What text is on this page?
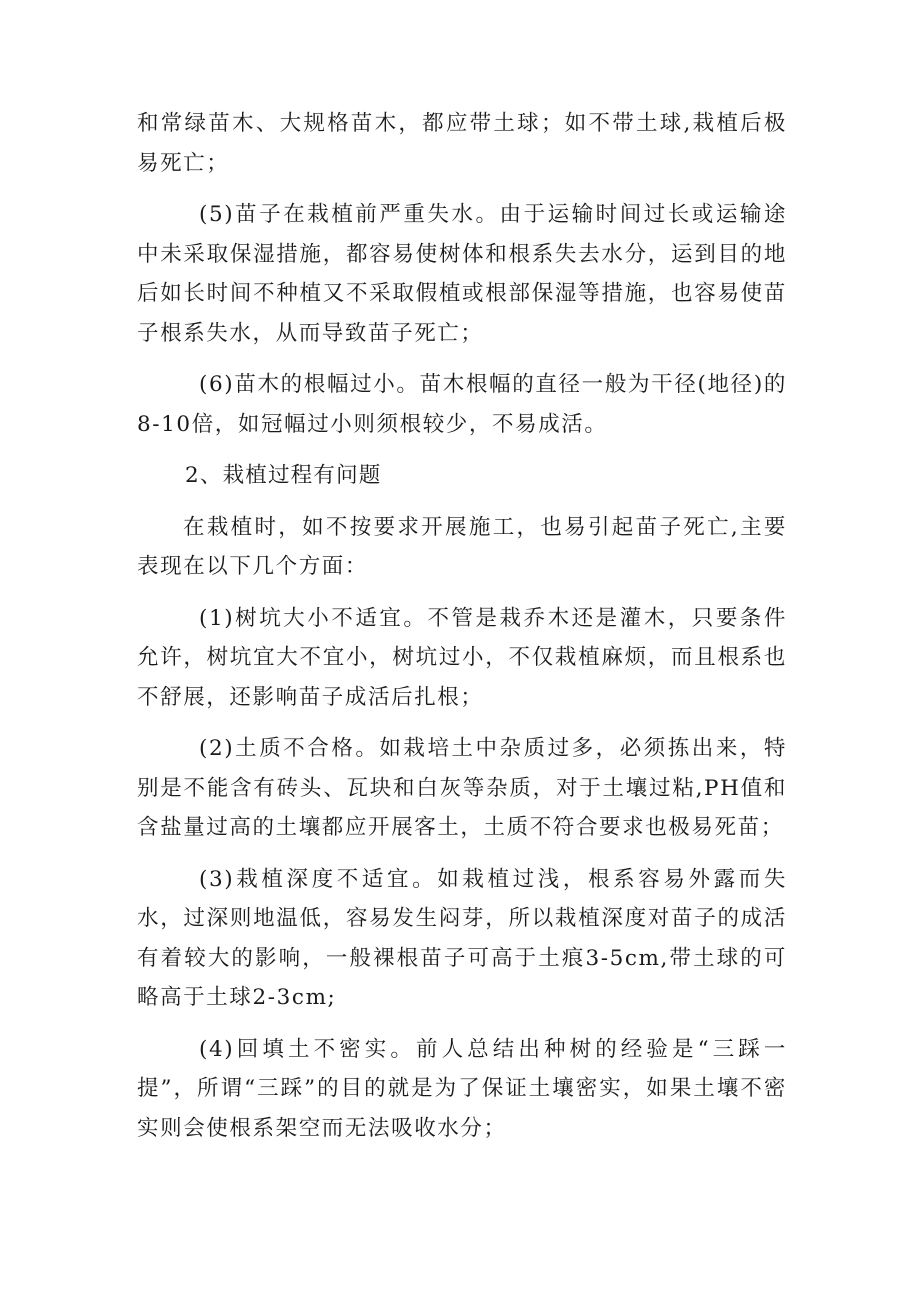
和常绿苗木、大规格苗木，都应带土球；如不带土球,栽植后极易死亡；

(5)苗子在栽植前严重失水。由于运输时间过长或运输途中未采取保湿措施，都容易使树体和根系失去水分，运到目的地后如长时间不种植又不采取假植或根部保湿等措施，也容易使苗子根系失水，从而导致苗子死亡；

(6)苗木的根幅过小。苗木根幅的直径一般为干径(地径)的8-10倍，如冠幅过小则须根较少，不易成活。

2、栽植过程有问题

在栽植时，如不按要求开展施工，也易引起苗子死亡,主要表现在以下几个方面：

(1)树坑大小不适宜。不管是栽乔木还是灌木，只要条件允许，树坑宜大不宜小，树坑过小，不仅栽植麻烦，而且根系也不舒展，还影响苗子成活后扎根；

(2)土质不合格。如栽培土中杂质过多，必须拣出来，特别是不能含有砖头、瓦块和白灰等杂质，对于土壤过粘,PH值和含盐量过高的土壤都应开展客土，土质不符合要求也极易死苗；

(3)栽植深度不适宜。如栽植过浅，根系容易外露而失水，过深则地温低，容易发生闷芽，所以栽植深度对苗子的成活有着较大的影响，一般裸根苗子可高于土痕3-5cm,带土球的可略高于土球2-3cm;

(4)回填土不密实。前人总结出种树的经验是“三踩一提”，所谓“三踩”的目的就是为了保证土壤密实，如果土壤不密实则会使根系架空而无法吸收水分；
